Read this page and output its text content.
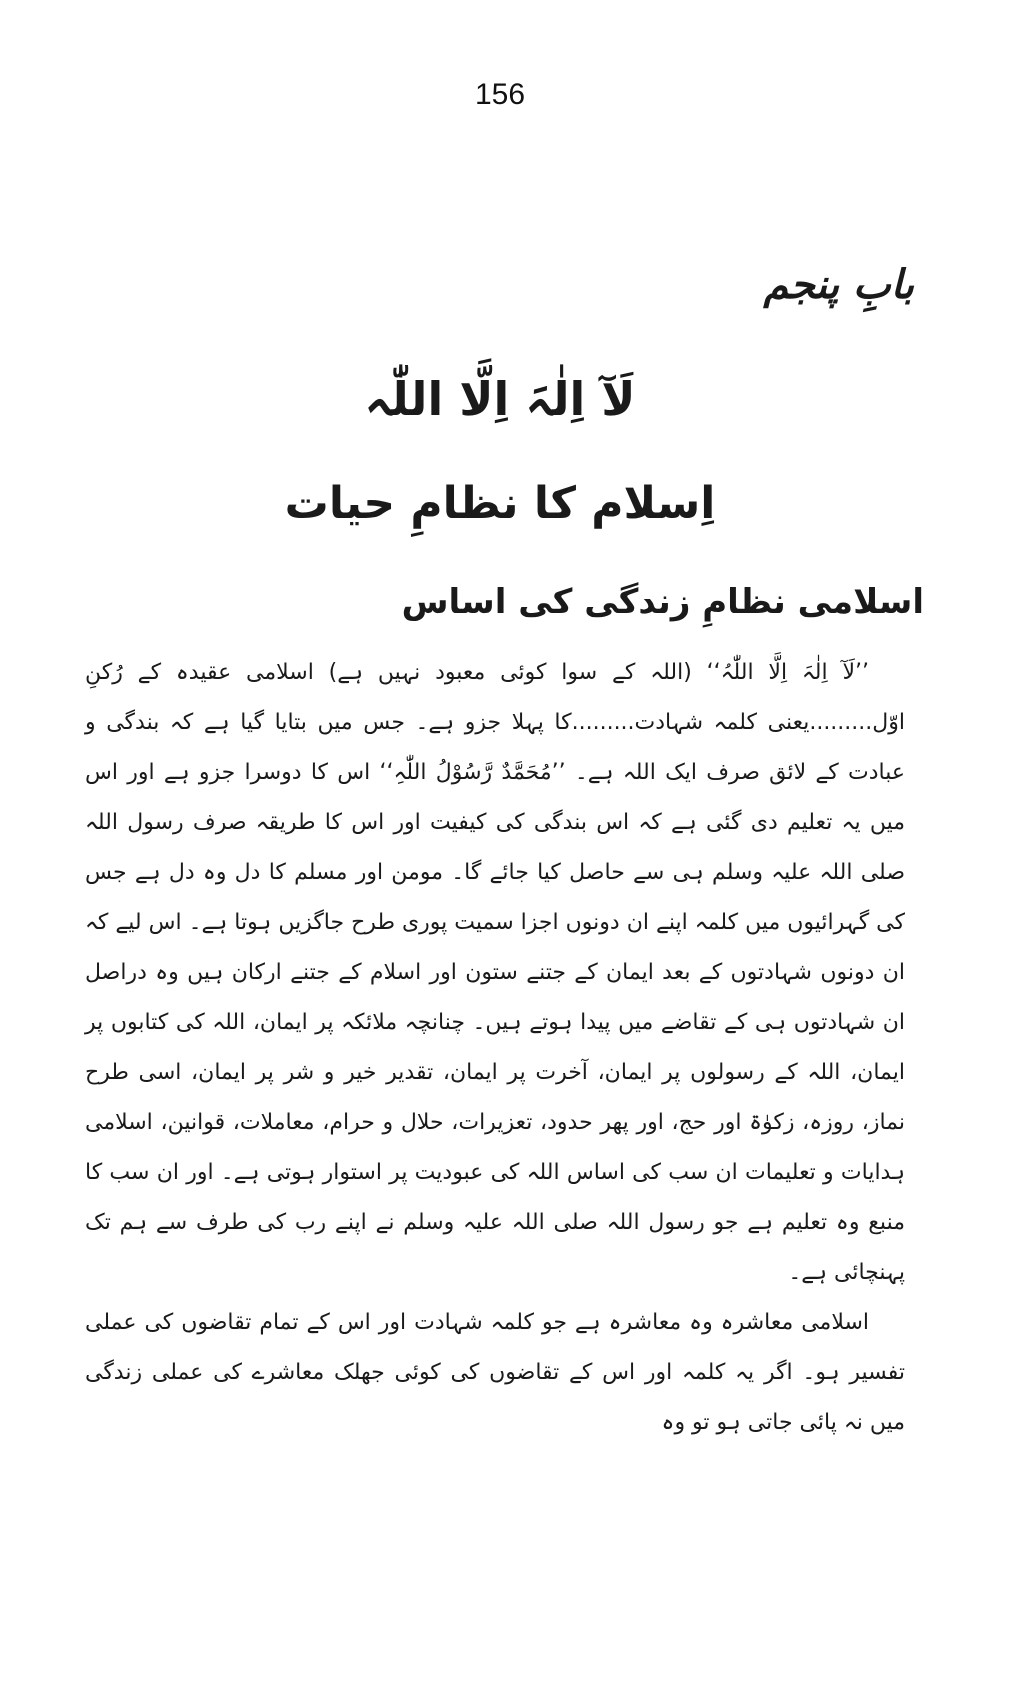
156
بابِ پنجم
لَآ اِلٰہَ اِلَّا اللّٰہ
اِسلام کا نظامِ حیات
اسلامی نظامِ زندگی کی اساس

’’لَآ اِلٰہَ اِلَّا اللّٰہُ‘‘ (اللہ کے سوا کوئی معبود نہیں ہے) اسلامی عقیدہ کے رُکنِ اوّل.........یعنی کلمہ شہادت.........کا پہلا جزو ہے۔ جس میں بتایا گیا ہے کہ بندگی و عبادت کے لائق صرف ایک اللہ ہے۔ ’’مُحَمَّدٌ رَّسُوْلُ اللّٰہِ‘‘ اس کا دوسرا جزو ہے اور اس میں یہ تعلیم دی گئی ہے کہ اس بندگی کی کیفیت اور اس کا طریقہ صرف رسول اللہ صلی اللہ علیہ وسلم ہی سے حاصل کیا جائے گا۔ مومن اور مسلم کا دل وہ دل ہے جس کی گہرائیوں میں کلمہ اپنے ان دونوں اجزا سمیت پوری طرح جاگزیں ہوتا ہے۔ اس لیے کہ ان دونوں شہادتوں کے بعد ایمان کے جتنے ستون اور اسلام کے جتنے ارکان ہیں وہ دراصل ان شہادتوں ہی کے تقاضے میں پیدا ہوتے ہیں۔ چنانچہ ملائکہ پر ایمان، اللہ کی کتابوں پر ایمان، اللہ کے رسولوں پر ایمان، آخرت پر ایمان، تقدیر خیر و شر پر ایمان، اسی طرح نماز، روزہ، زکوٰۃ اور حج، اور پھر حدود، تعزیرات، حلال و حرام، معاملات، قوانین، اسلامی ہدایات و تعلیمات ان سب کی اساس اللہ کی عبودیت پر استوار ہوتی ہے۔ اور ان سب کا منبع وہ تعلیم ہے جو رسول اللہ صلی اللہ علیہ وسلم نے اپنے رب کی طرف سے ہم تک پہنچائی ہے۔

اسلامی معاشرہ وہ معاشرہ ہے جو کلمہ شہادت اور اس کے تمام تقاضوں کی عملی تفسیر ہو۔ اگر یہ کلمہ اور اس کے تقاضوں کی کوئی جھلک معاشرے کی عملی زندگی میں نہ پائی جاتی ہو تو وہ
